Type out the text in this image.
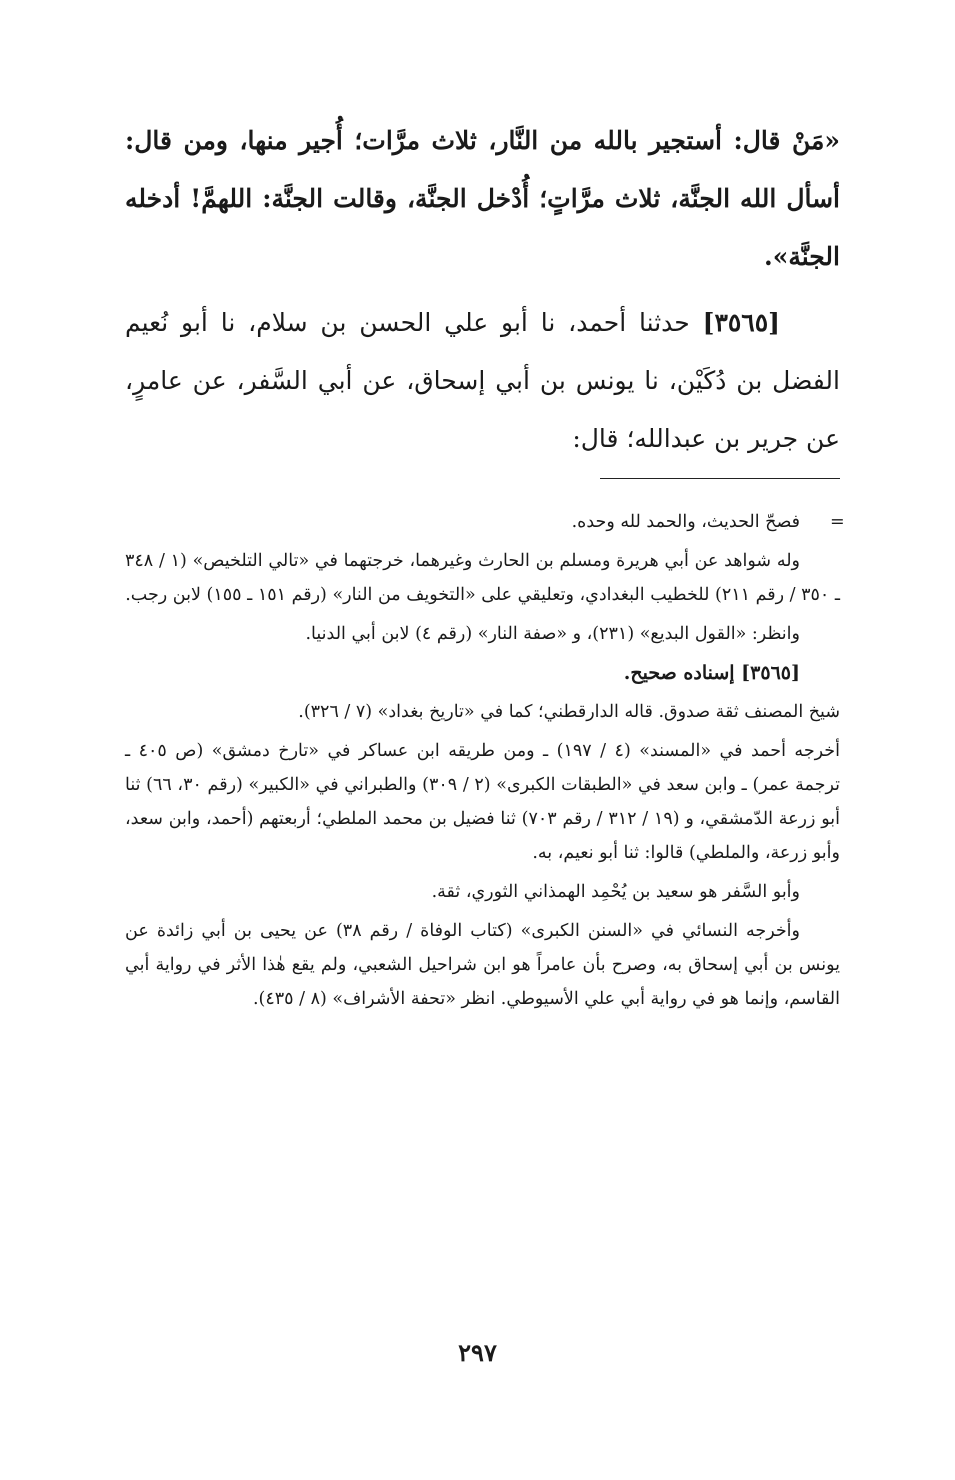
«مَنْ قال: أستجير بالله من النَّار، ثلاث مرَّات؛ أُجير منها، ومن قال: أسأل الله الجنَّة، ثلاث مرَّاتٍ؛ أُدْخل الجنَّة، وقالت الجنَّة: اللهمَّ! أدخله الجنَّة».
[٣٥٦٥] حدثنا أحمد، نا أبو علي الحسن بن سلام، نا أبو نُعيم الفضل بن دُكَيْن، نا يونس بن أبي إسحاق، عن أبي السَّفر، عن عامرٍ، عن جرير بن عبدالله؛ قال:
=

فصحّ الحديث، والحمد لله وحده.

وله شواهد عن أبي هريرة ومسلم بن الحارث وغيرهما، خرجتهما في «تالي التلخيص» (١ / ٣٤٨ ـ ٣٥٠ / رقم ٢١١) للخطيب البغدادي، وتعليقي على «التخويف من النار» (رقم ١٥١ ـ ١٥٥) لابن رجب.

وانظر: «القول البديع» (٢٣١)، و «صفة النار» (رقم ٤) لابن أبي الدنيا.

[٣٥٦٥] إسناده صحيح.

شيخ المصنف ثقة صدوق. قاله الدارقطني؛ كما في «تاريخ بغداد» (٧ / ٣٢٦).

أخرجه أحمد في «المسند» (٤ / ١٩٧) ـ ومن طريقه ابن عساكر في «تارخ دمشق» (ص ٤٠٥ ـ ترجمة عمر) ـ وابن سعد في «الطبقات الكبرى» (٢ / ٣٠٩) والطبراني في «الكبير» (رقم ٣٠، ٦٦) ثنا أبو زرعة الدّمشقي، و (١٩ / ٣١٢ / رقم ٧٠٣) ثنا فضيل بن محمد الملطي؛ أربعتهم (أحمد، وابن سعد، وأبو زرعة، والملطي) قالوا: ثنا أبو نعيم، به.

وأبو السَّفر هو سعيد بن يُحْمِد الهمذاني الثوري، ثقة.

وأخرجه النسائي في «السنن الكبرى» (كتاب الوفاة / رقم ٣٨) عن يحيى بن أبي زائدة عن يونس بن أبي إسحاق به، وصرح بأن عامراً هو ابن شراحيل الشعبي، ولم يقع هٰذا الأثر في رواية أبي القاسم، وإنما هو في رواية أبي علي الأسيوطي. انظر «تحفة الأشراف» (٨ / ٤٣٥).

٢٩٧
